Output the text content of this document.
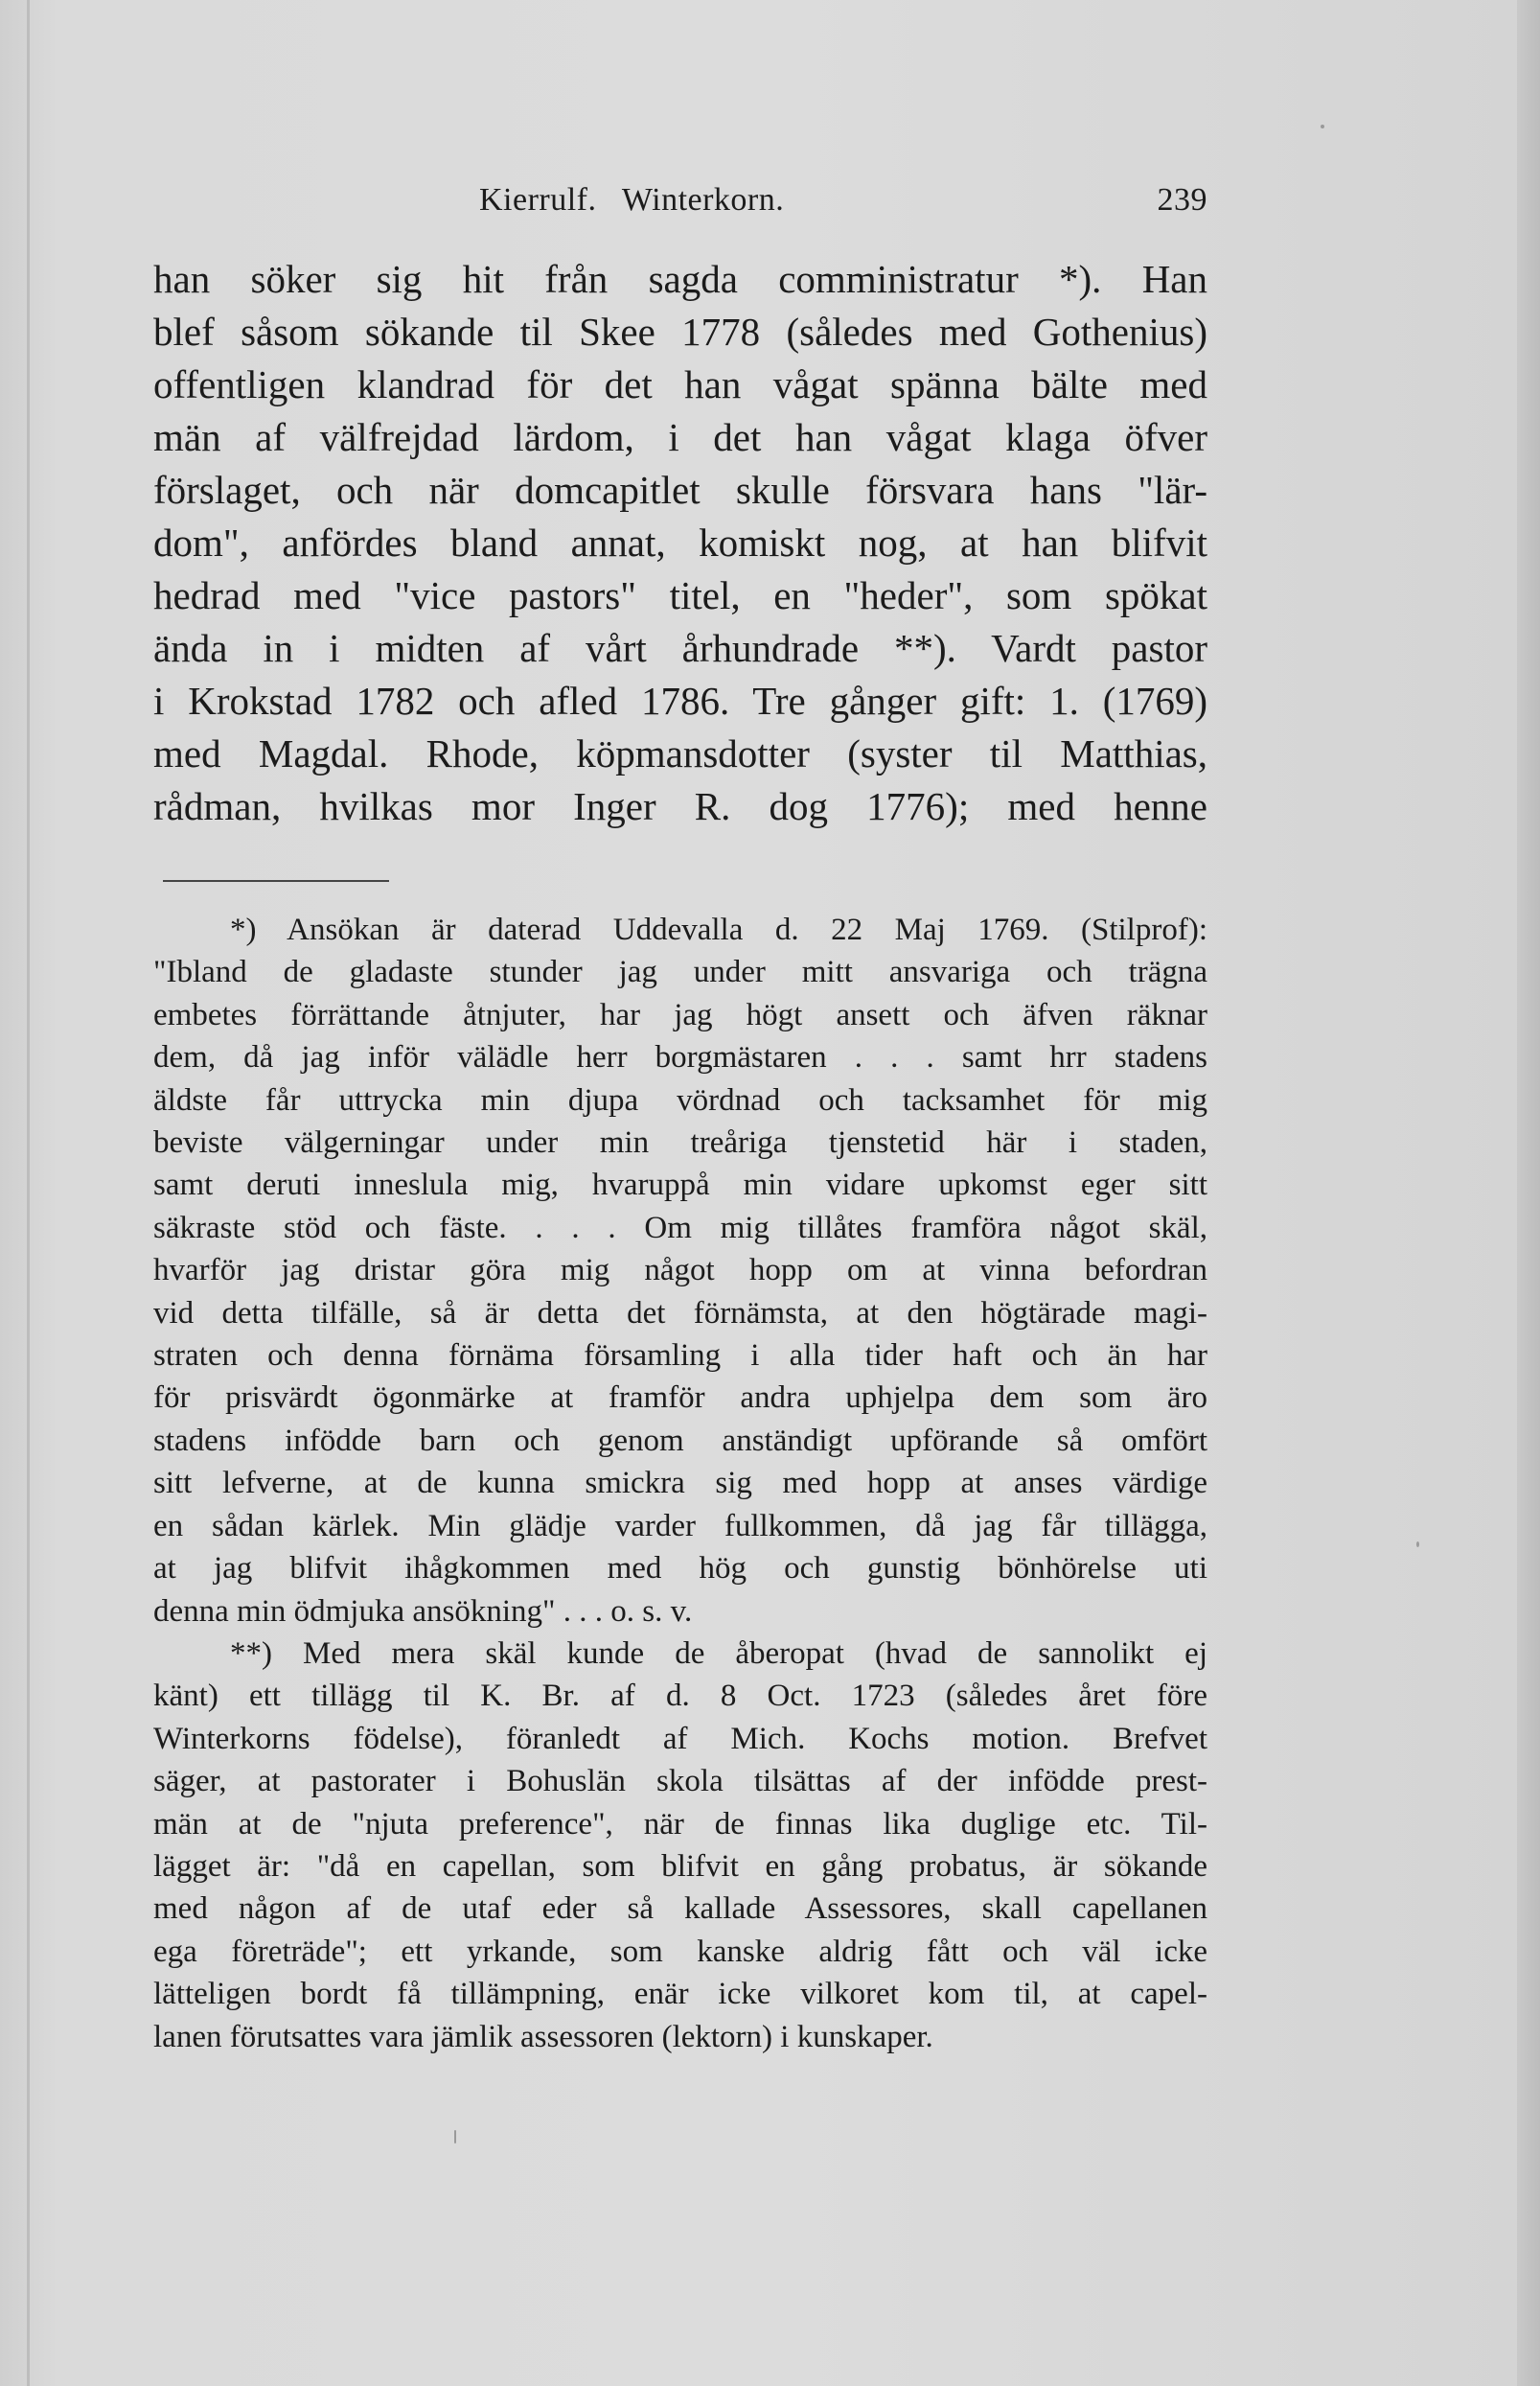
Kierrulf.   Winterkorn.	239
han söker sig hit från sagda comministratur *). Han
blef såsom sökande til Skee 1778 (således med Gothenius)
offentligen klandrad för det han vågat spänna bälte med
män af välfrejdad lärdom, i det han vågat klaga öfver
förslaget, och när domcapitlet skulle försvara hans "lär-
dom", anfördes bland annat, komiskt nog, at han blifvit
hedrad med "vice pastors" titel, en "heder", som spökat
ända in i midten af vårt århundrade **). Vardt pastor
i Krokstad 1782 och afled 1786. Tre gånger gift: 1. (1769)
med Magdal. Rhode, köpmansdotter (syster til Matthias,
rådman, hvilkas mor Inger R. dog 1776); med henne
*) Ansökan är daterad Uddevalla d. 22 Maj 1769. (Stilprof):
"Ibland de gladaste stunder jag under mitt ansvariga och trägna
embetes förrättande åtnjuter, har jag högt ansett och äfven räknar
dem, då jag inför välädle herr borgmästaren . . . samt hrr stadens
äldste får uttrycka min djupa vördnad och tacksamhet för mig
beviste välgerningar under min treåriga tjenstetid här i staden,
samt deruti inneslula mig, hvaruppå min vidare upkomst eger sitt
säkraste stöd och fäste. . . . Om mig tillåtes framföra något skäl,
hvarför jag dristar göra mig något hopp om at vinna befordran
vid detta tilfälle, så är detta det förnämsta, at den högtärade magi-
straten och denna förnäma församling i alla tider haft och än har
för prisvärdt ögonmärke at framför andra uphjelpa dem som äro
stadens infödde barn och genom anständigt upförande så omfört
sitt lefverne, at de kunna smickra sig med hopp at anses värdige
en sådan kärlek. Min glädje varder fullkommen, då jag får tillägga,
at jag blifvit ihågkommen med hög och gunstig bönhörelse uti
denna min ödmjuka ansökning" . . . o. s. v.
**) Med mera skäl kunde de åberopat (hvad de sannolikt ej
känt) ett tillägg til K. Br. af d. 8 Oct. 1723 (således året före
Winterkorns födelse), föranledt af Mich. Kochs motion. Brefvet
säger, at pastorater i Bohuslän skola tilsättas af der infödde prest-
män at de "njuta preference", när de finnas lika duglige etc. Til-
lägget är: "då en capellan, som blifvit en gång probatus, är sökande
med någon af de utaf eder så kallade Assessores, skall capellanen
ega företräde"; ett yrkande, som kanske aldrig fått och väl icke
lätteligen bordt få tillämpning, enär icke vilkoret kom til, at capel-
lanen förutsattes vara jämlik assessoren (lektorn) i kunskaper.
